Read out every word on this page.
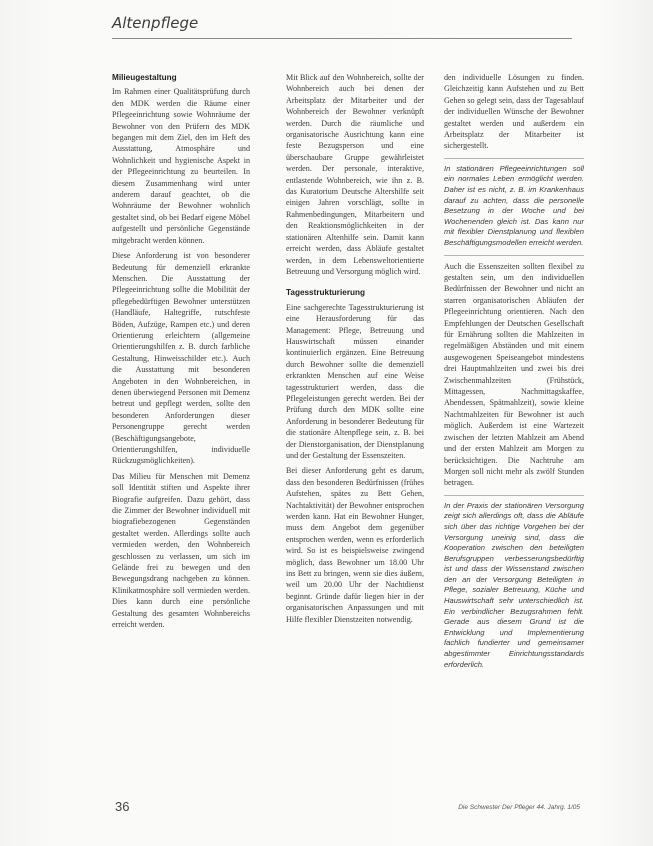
Altenpflege
Milieugestaltung

Im Rahmen einer Qualitätsprüfung durch den MDK werden die Räume einer Pflegeeinrichtung sowie Wohnräume der Bewohner von den Prüfern des MDK begangen mit dem Ziel, den im Heft des Ausstattung, Atmosphäre und Wohnlichkeit und hygienische Aspekt in der Pflegeeinrichtung zu beurteilen. In diesem Zusammenhang wird unter anderem darauf geachtet, ob die Wohnräume der Bewohner wohnlich gestaltet sind, ob bei Bedarf eigene Möbel aufgestellt und persönliche Gegenstände mitgebracht werden können.

Diese Anforderung ist von besonderer Bedeutung für demenziell erkrankte Menschen. Die Ausstattung der Pflegeeinrichtung sollte die Mobilität der pflegebedürftigen Bewohner unterstützen (Handläufe, Haltegriffe, rutschfeste Böden, Aufzüge, Rampen etc.) und deren Orientierung erleichtern (allgemeine Orientierungshilfen z. B. durch farbliche Gestaltung, Hinweisschilder etc.). Auch die Ausstattung mit besonderen Angeboten in den Wohnbereichen, in denen überwiegend Personen mit Demenz betreut und gepflegt werden, sollte den besonderen Anforderungen dieser Personengruppe gerecht werden (Beschäftigungsangebote, Orientierungshilfen, individuelle Rückzugsmöglichkeiten).

Das Milieu für Menschen mit Demenz soll Identität stiften und Aspekte ihrer Biografie aufgreifen. Dazu gehört, dass die Zimmer der Bewohner individuell mit biografiebezogenen Gegenständen gestaltet werden. Allerdings sollte auch vermieden werden, den Wohnbereich geschlossen zu verlassen, um sich im Gelände frei zu bewegen und den Bewegungsdrang nachgeben zu können. Klinikatmosphäre soll vermieden werden. Dies kann durch eine persönliche Gestaltung des gesamten Wohnbereichs erreicht werden.

Mit Blick auf den Wohnbereich, sollte der Wohnbereich auch bei denen der Arbeitsplatz der Mitarbeiter und der Wohnbereich der Bewohner verknüpft werden. Durch die räumliche und organisatorische Ausrichtung kann eine feste Bezugsperson und eine überschaubare Gruppe gewährleistet werden. Der personale, interaktive, entlastende Wohnbereich, wie ihn z. B. das Kuratorium Deutsche Altershilfe seit einigen Jahren vorschlägt, sollte in Rahmenbedingungen, Mitarbeitern und den Reaktionsmöglichkeiten in der stationären Altenhilfe sein. Damit kann erreicht werden, dass Abläufe gestaltet werden, in dem Lebensweltorientierte Betreuung und Versorgung möglich wird.

Tagesstrukturierung

Eine sachgerechte Tagesstrukturierung ist eine Herausforderung für das Management: Pflege, Betreuung und Hauswirtschaft müssen einander kontinuierlich ergänzen. Eine Betreuung durch Bewohner sollte die demenziell erkrankten Menschen auf eine Weise tagesstrukturiert werden, dass die Pflegeleistungen gerecht werden. Bei der Prüfung durch den MDK sollte eine Anforderung in besonderer Bedeutung für die stationäre Altenpflege sein, z. B. bei der Dienstorganisation, der Dienstplanung und der Gestaltung der Essenszeiten.

Bei dieser Anforderung geht es darum, dass den besonderen Bedürfnissen (frühes Aufstehen, spätes zu Bett Gehen, Nachtaktivität) der Bewohner entsprochen werden kann. Hat ein Bewohner Hunger, muss dem Angebot dem gegenüber entsprochen werden, wenn es erforderlich wird. So ist es beispielsweise zwingend möglich, dass Bewohner um 18.00 Uhr ins Bett zu bringen, wenn sie dies äußern, weil um 20.00 Uhr der Nachtdienst beginnt. Gründe dafür liegen hier in der organisatorischen Anpassungen und mit Hilfe flexibler Dienstzeiten notwendig.

den individuelle Lösungen zu finden. Gleichzeitig kann Aufstehen und zu Bett Gehen so gelegt sein, dass der Tagesablauf der individuellen Wünsche der Bewohner gestaltet werden und außerdem ein Arbeitsplatz der Mitarbeiter ist sichergestellt.

In stationären Pflegeeinrichtungen soll ein normales Leben ermöglicht werden. Daher ist es nicht, z. B. im Krankenhaus darauf zu achten, dass die personelle Besetzung in der Woche und bei Wochenenden gleich ist. Das kann nur mit flexibler Dienstplanung und flexiblen Beschäftigungsmodellen erreicht werden.

Auch die Essenszeiten sollten flexibel zu gestalten sein, um den individuellen Bedürfnissen der Bewohner und nicht an starren organisatorischen Abläufen der Pflegeeinrichtung orientieren. Nach den Empfehlungen der Deutschen Gesellschaft für Ernährung sollten die Mahlzeiten in regelmäßigen Abständen und mit einem ausgewogenen Speiseangebot mindestens drei Hauptmahlzeiten und zwei bis drei Zwischenmahlzeiten (Frühstück, Mittagessen, Nachmittagskaffee, Abendessen, Spätmahlzeit), sowie kleine Nachtmahlzeiten für Bewohner ist auch möglich. Außerdem ist eine Wartezeit zwischen der letzten Mahlzeit am Abend und der ersten Mahlzeit am Morgen zu berücksichtigen. Die Nachtruhe am Morgen soll nicht mehr als zwölf Stunden betragen.

In der Praxis der stationären Versorgung zeigt sich allerdings oft, dass die Abläufe sich über das richtige Vorgehen bei der Versorgung uneinig sind, dass die Kooperation zwischen den beteiligten Berufsgruppen verbesserungsbedürftig ist und dass der Wissenstand zwischen den an der Versorgung Beteiligten in Pflege, sozialer Betreuung, Küche und Hauswirtschaft sehr unterschiedlich ist. Ein verbindlicher Bezugsrahmen fehlt. Gerade aus diesem Grund ist die Entwicklung und Implementierung fachlich fundierter und gemeinsamer abgestimmter Einrichtungsstandards erforderlich.

36	Die Schwester Der Pfleger 44. Jahrg. 1/05
